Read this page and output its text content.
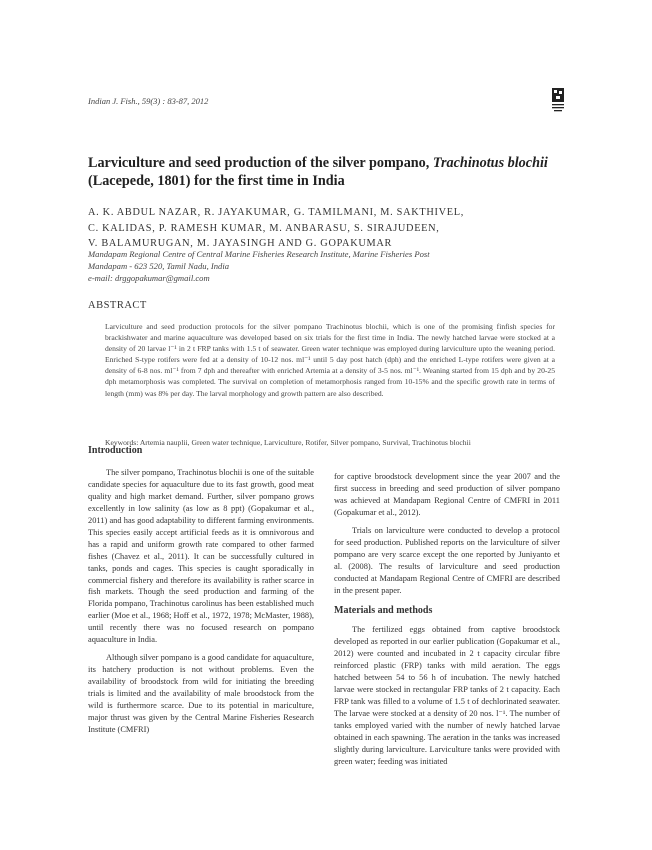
Indian J. Fish., 59(3) : 83-87, 2012
Larviculture and seed production of the silver pompano, Trachinotus blochii (Lacepede, 1801) for the first time in India
A. K. ABDUL NAZAR, R. JAYAKUMAR, G. TAMILMANI, M. SAKTHIVEL,
C. KALIDAS, P. RAMESH KUMAR, M. ANBARASU, S. SIRAJUDEEN,
V. BALAMURUGAN, M. JAYASINGH AND G. GOPAKUMAR
Mandapam Regional Centre of Central Marine Fisheries Research Institute, Marine Fisheries Post
Mandapam - 623 520, Tamil Nadu, India
e-mail: drggopakumar@gmail.com
ABSTRACT
Larviculture and seed production protocols for the silver pompano Trachinotus blochii, which is one of the promising finfish species for brackishwater and marine aquaculture was developed based on six trials for the first time in India. The newly hatched larvae were stocked at a density of 20 larvae l⁻¹ in 2 t FRP tanks with 1.5 t of seawater. Green water technique was employed during larviculture upto the weaning period. Enriched S-type rotifers were fed at a density of 10-12 nos. ml⁻¹ until 5 day post hatch (dph) and the enriched L-type rotifers were given at a density of 6-8 nos. ml⁻¹ from 7 dph and thereafter with enriched Artemia at a density of 3-5 nos. ml⁻¹. Weaning started from 15 dph and by 20-25 dph metamorphosis was completed. The survival on completion of metamorphosis ranged from 10-15% and the specific growth rate in terms of length (mm) was 8% per day. The larval morphology and growth pattern are also described.
Keywords: Artemia nauplii, Green water technique, Larviculture, Rotifer, Silver pompano, Survival, Trachinotus blochii
Introduction

The silver pompano, Trachinotus blochii is one of the suitable candidate species for aquaculture due to its fast growth, good meat quality and high market demand. Further, silver pompano grows excellently in low salinity (as low as 8 ppt) (Gopakumar et al., 2011) and has good adaptability to different farming environments. This species easily accept artificial feeds as it is omnivorous and has a rapid and uniform growth rate compared to other farmed fishes (Chavez et al., 2011). It can be successfully cultured in tanks, ponds and cages. This species is caught sporadically in commercial fishery and therefore its availability is rather scarce in fish markets. Though the seed production and farming of the Florida pompano, Trachinotus carolinus has been established much earlier (Moe et al., 1968; Hoff et al., 1972, 1978; McMaster, 1988), until recently there was no focused research on pompano aquaculture in India.

Although silver pompano is a good candidate for aquaculture, its hatchery production is not without problems. Even the availability of broodstock from wild for initiating the breeding trials is limited and the availability of male broodstock from the wild is furthermore scarce. Due to its potential in mariculture, major thrust was given by the Central Marine Fisheries Research Institute (CMFRI)

for captive broodstock development since the year 2007 and the first success in breeding and seed production of silver pompano was achieved at Mandapam Regional Centre of CMFRI in 2011 (Gopakumar et al., 2012).

Trials on larviculture were conducted to develop a protocol for seed production. Published reports on the larviculture of silver pompano are very scarce except the one reported by Juniyanto et al. (2008). The results of larviculture and seed production conducted at Mandapam Regional Centre of CMFRI are described in the present paper.

Materials and methods

The fertilized eggs obtained from captive broodstock developed as reported in our earlier publication (Gopakumar et al., 2012) were counted and incubated in 2 t capacity circular fibre reinforced plastic (FRP) tanks with mild aeration. The eggs hatched between 54 to 56 h of incubation. The newly hatched larvae were stocked in rectangular FRP tanks of 2 t capacity. Each FRP tank was filled to a volume of 1.5 t of dechlorinated seawater. The larvae were stocked at a density of 20 nos. l⁻¹. The number of tanks employed varied with the number of newly hatched larvae obtained in each spawning. The aeration in the tanks was increased slightly during larviculture. Larviculture tanks were provided with green water; feeding was initiated
